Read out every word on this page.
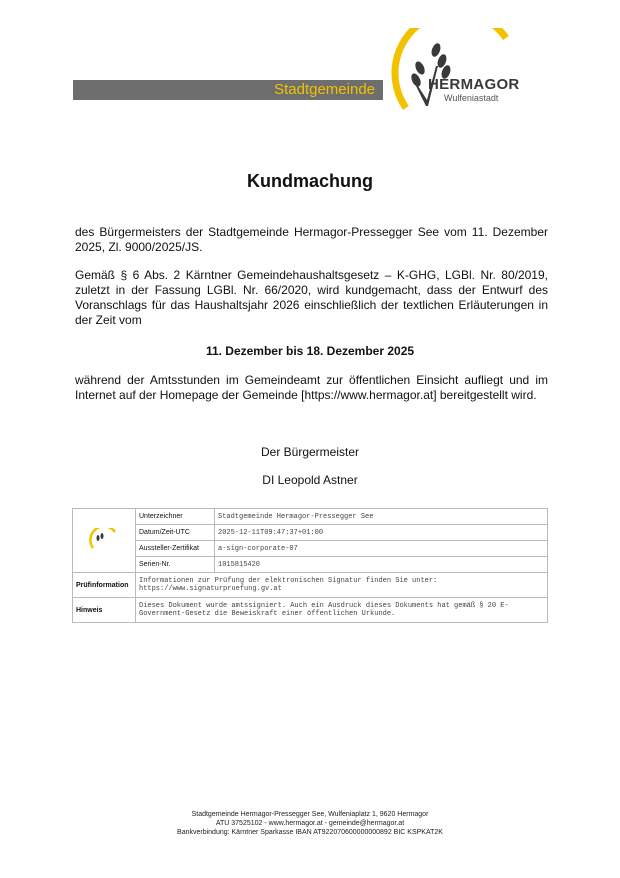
Stadtgemeinde	HERMAGOR
Wulfeniastadt
Kundmachung

des Bürgermeisters der Stadtgemeinde Hermagor-Pressegger See vom 11. Dezember 2025, Zl. 9000/2025/JS.

Gemäß § 6 Abs. 2 Kärntner Gemeindehaushaltsgesetz – K-GHG, LGBl. Nr. 80/2019, zuletzt in der Fassung LGBl. Nr. 66/2020, wird kundgemacht, dass der Entwurf des Voranschlags für das Haushaltsjahr 2026 einschließlich der textlichen Erläuterungen in der Zeit vom

11. Dezember bis 18. Dezember 2025

während der Amtsstunden im Gemeindeamt zur öffentlichen Einsicht aufliegt und im Internet auf der Homepage der Gemeinde [https://www.hermagor.at] bereitgestellt wird.

Der Bürgermeister

DI Leopold Astner

	Unterzeichner	Stadtgemeinde Hermagor-Pressegger See
	Datum/Zeit-UTC	2025-12-11T09:47:37+01:00
	Aussteller-Zertifikat	a-sign-corporate-07
	Serien-Nr.	1015815420
Prüfinformation	Informationen zur Prüfung der elektronischen Signatur finden Sie unter: https://www.signaturpruefung.gv.at	
Hinweis	Dieses Dokument wurde amtssigniert. Auch ein Ausdruck dieses Dokuments hat gemäß § 20 E-Government-Gesetz die Beweiskraft einer öffentlichen Urkunde.	
Stadtgemeinde Hermagor-Pressegger See, Wulfeniaplatz 1, 9620 Hermagor
ATU 37525102 - www.hermagor.at - gemeinde@hermagor.at
Bankverbindung: Kärntner Sparkasse IBAN AT922070600000000892 BIC KSPKAT2K
